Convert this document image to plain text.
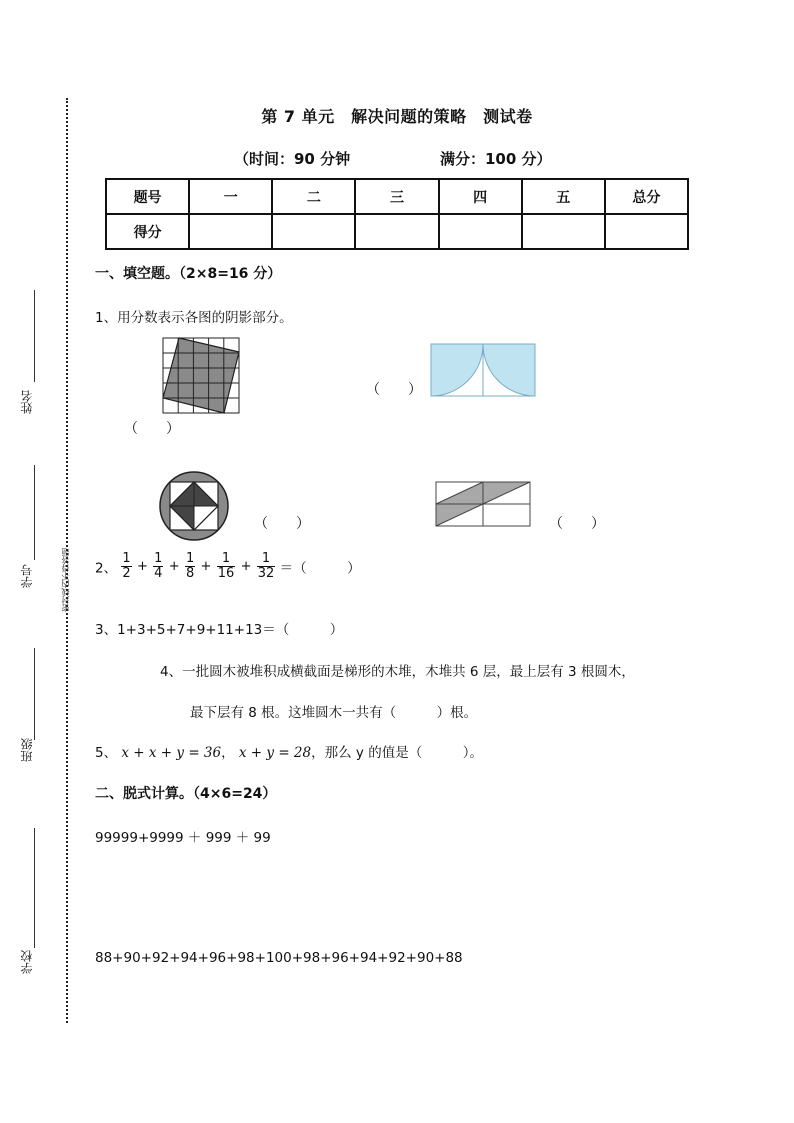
密封线内不得答题
姓名
学号
班级
学校
第 7 单元　解决问题的策略　测试卷
（时间：90 分钟	满分：100 分）
题号	一	二	三	四	五	总分
得分						
一、填空题。（2×8=16 分）
1、用分数表示各图的阴影部分。
（　　）
（　　）
（　　）	（　　）
2、 $\frac{1}{2} + \frac{1}{4} + \frac{1}{8} + \frac{1}{16} + \frac{1}{32}$ ＝（　　　）
3、1+3+5+7+9+11+13＝（　　　）
4、一批圆木被堆积成横截面是梯形的木堆，木堆共 6 层，最上层有 3 根圆木，
最下层有 8 根。这堆圆木一共有（　　　）根。
5、 x + x + y = 36， x + y = 28，那么 y 的值是（　　　）。
二、脱式计算。（4×6=24）
99999+9999 ＋ 999 ＋ 99
88+90+92+94+96+98+100+98+96+94+92+90+88
